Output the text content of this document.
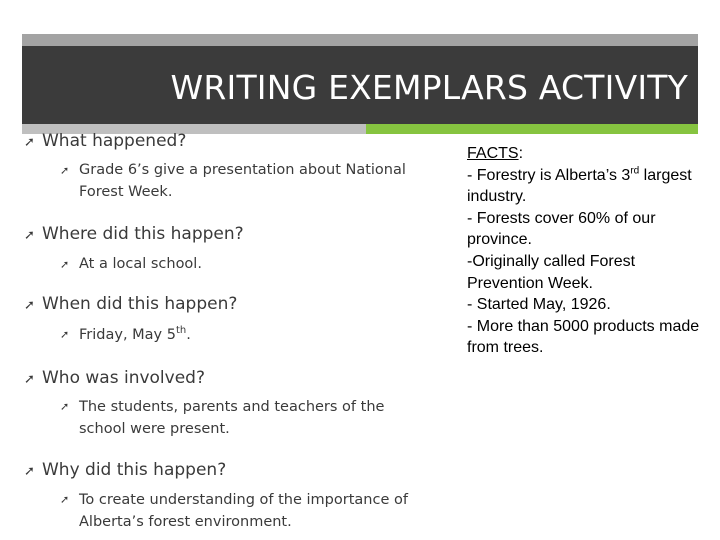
WRITING EXEMPLARS ACTIVITY
➚ What happened?
➚ Grade 6’s give a presentation about National Forest Week.
➚ Where did this happen?
➚ At a local school.
➚ When did this happen?
➚ Friday, May 5th.
➚ Who was involved?
➚ The students, parents and teachers of the school were present.
➚ Why did this happen?
➚ To create understanding of the importance of Alberta’s forest environment.
FACTS:
- Forestry is Alberta’s 3rd largest industry.
- Forests cover 60% of our province.
-Originally called Forest Prevention Week.
- Started May, 1926.
- More than 5000 products made from trees.
